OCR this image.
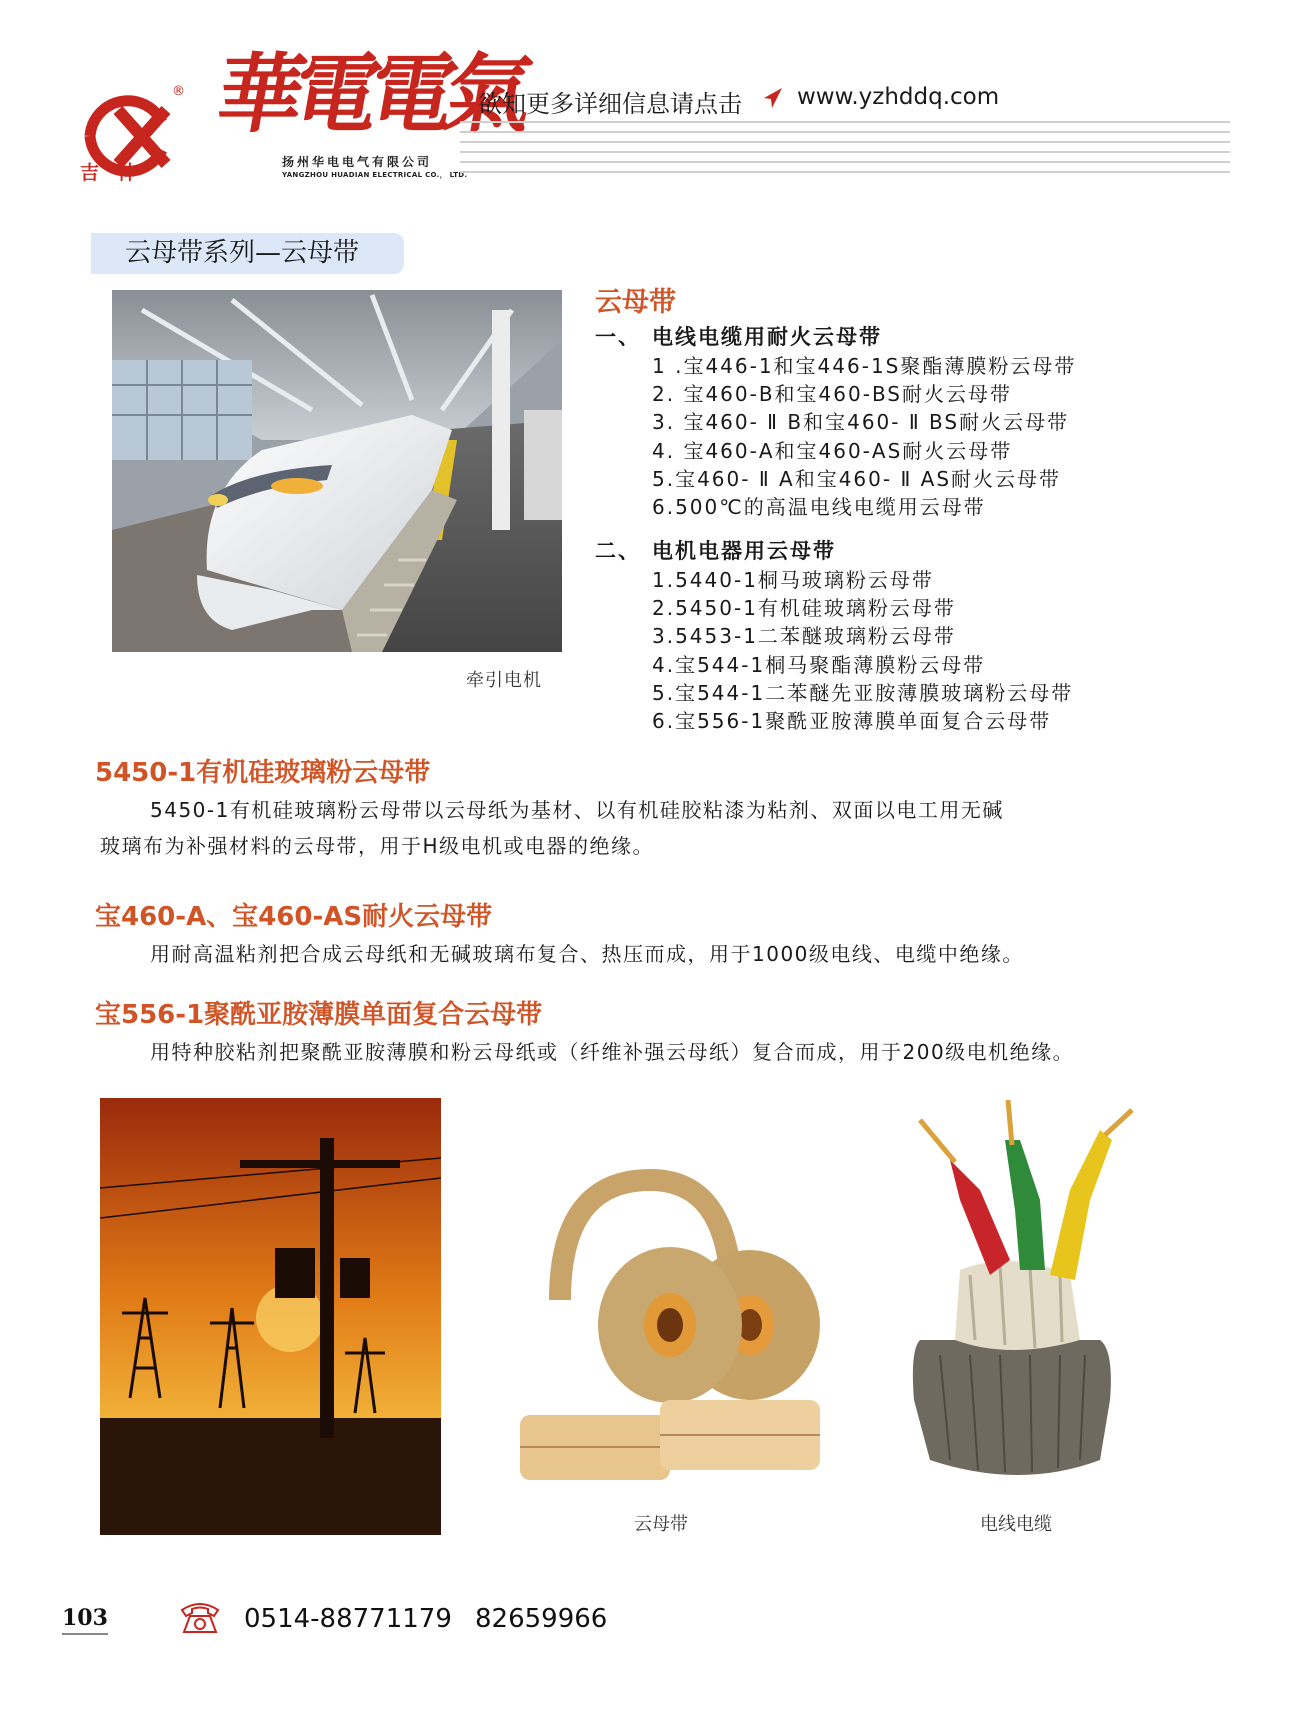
®
吉神
華電電氣
扬州华电电气有限公司
YANGZHOU HUADIAN ELECTRICAL CO.， LTD.
欲知更多详细信息请点击 www.yzhddq.com
云母带系列—云母带
牵引电机
云母带
一、 电线电缆用耐火云母带
1 .宝446-1和宝446-1S聚酯薄膜粉云母带
2. 宝460-B和宝460-BS耐火云母带
3. 宝460- Ⅱ B和宝460- Ⅱ BS耐火云母带
4. 宝460-A和宝460-AS耐火云母带
5.宝460- Ⅱ A和宝460- Ⅱ AS耐火云母带
6.500℃的高温电线电缆用云母带
二、 电机电器用云母带
1.5440-1桐马玻璃粉云母带
2.5450-1有机硅玻璃粉云母带
3.5453-1二苯醚玻璃粉云母带
4.宝544-1桐马聚酯薄膜粉云母带
5.宝544-1二苯醚先亚胺薄膜玻璃粉云母带
6.宝556-1聚酰亚胺薄膜单面复合云母带
5450-1有机硅玻璃粉云母带
5450-1有机硅玻璃粉云母带以云母纸为基材、以有机硅胶粘漆为粘剂、双面以电工用无碱
玻璃布为补强材料的云母带，用于H级电机或电器的绝缘。
宝460-A、宝460-AS耐火云母带
用耐高温粘剂把合成云母纸和无碱玻璃布复合、热压而成，用于1000级电线、电缆中绝缘。
宝556-1聚酰亚胺薄膜单面复合云母带
用特种胶粘剂把聚酰亚胺薄膜和粉云母纸或（纤维补强云母纸）复合而成，用于200级电机绝缘。
云母带	电线电缆
103	0514-88771179 82659966
